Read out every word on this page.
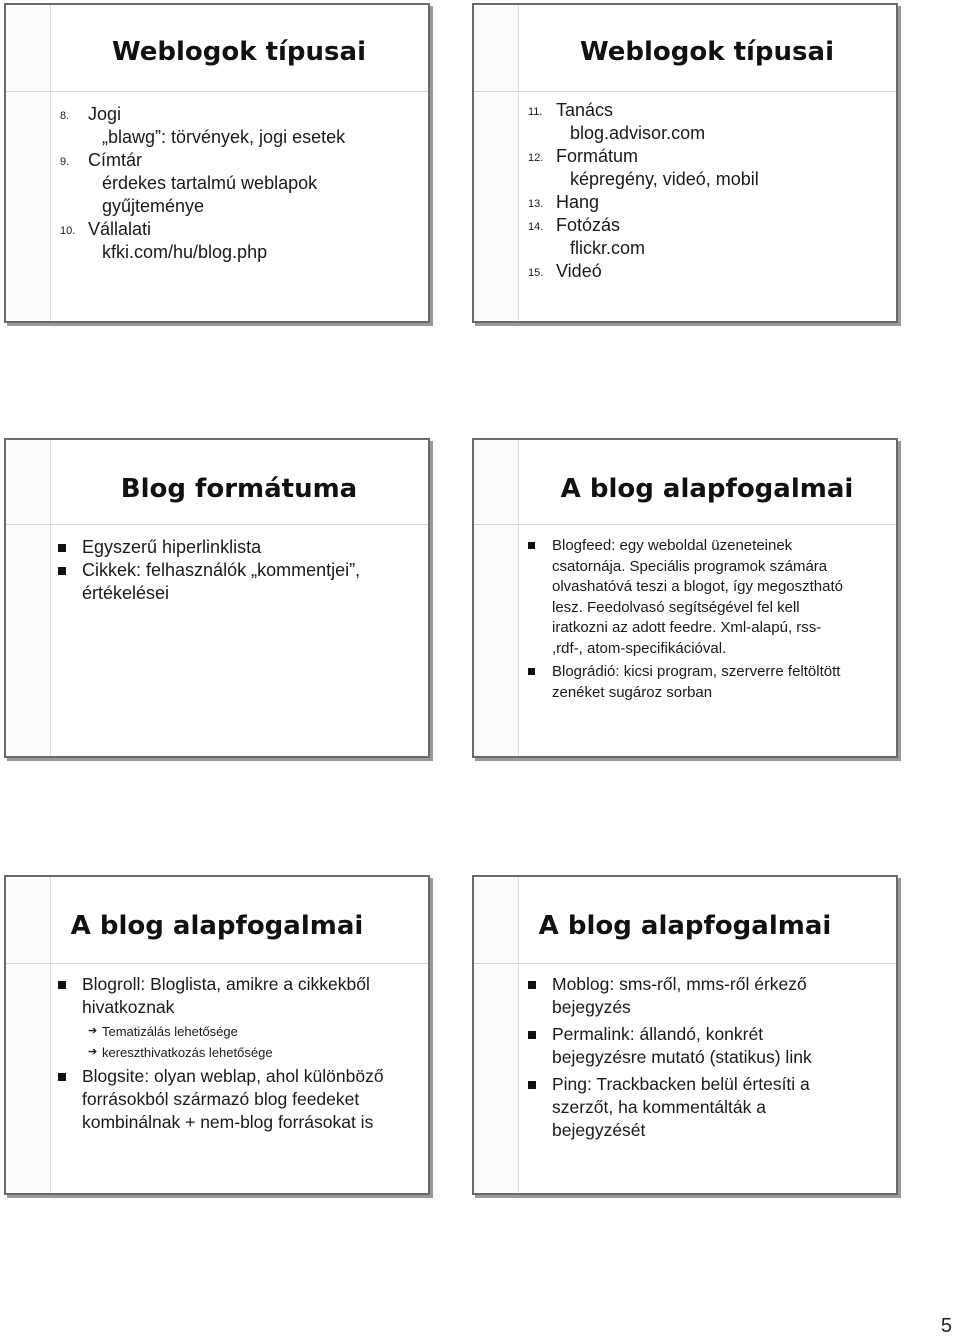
Weblogok típusai
8. Jogi
„blawg”: törvények, jogi esetek
9. Címtár
érdekes tartalmú weblapok
gyűjteménye
10. Vállalati
kfki.com/hu/blog.php
Weblogok típusai
11. Tanács
blog.advisor.com
12. Formátum
képregény, videó, mobil
13. Hang
14. Fotózás
flickr.com
15. Videó
Blog formátuma
Egyszerű hiperlinklista
Cikkek: felhasználók „kommentjei”,
értékelései
A blog alapfogalmai
Blogfeed: egy weboldal üzeneteinek
csatornája. Speciális programok számára
olvashatóvá teszi a blogot, így megosztható
lesz. Feedolvasó segítségével fel kell
iratkozni az adott feedre. Xml-alapú, rss-
,rdf-, atom-specifikációval.
Blográdió: kicsi program, szerverre feltöltött
zenéket sugároz sorban
A blog alapfogalmai
Blogroll: Bloglista, amikre a cikkekből
hivatkoznak
➔ Tematizálás lehetősége
➔ kereszthivatkozás lehetősége
Blogsite: olyan weblap, ahol különböző
forrásokból származó blog feedeket
kombinálnak + nem-blog forrásokat is
A blog alapfogalmai
Moblog: sms-ről, mms-ről érkező
bejegyzés
Permalink: állandó, konkrét
bejegyzésre mutató (statikus) link
Ping: Trackbacken belül értesíti a
szerzőt, ha kommentálták a
bejegyzését
5
